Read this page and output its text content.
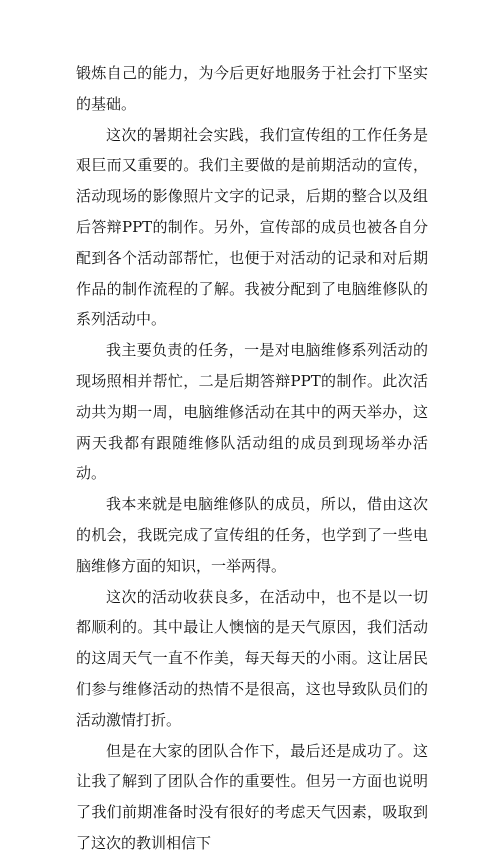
锻炼自己的能力，为今后更好地服务于社会打下坚实的基础。

这次的暑期社会实践，我们宣传组的工作任务是艰巨而又重要的。我们主要做的是前期活动的宣传，活动现场的影像照片文字的记录，后期的整合以及组后答辩PPT的制作。另外，宣传部的成员也被各自分配到各个活动部帮忙，也便于对活动的记录和对后期作品的制作流程的了解。我被分配到了电脑维修队的系列活动中。

我主要负责的任务，一是对电脑维修系列活动的现场照相并帮忙，二是后期答辩PPT的制作。此次活动共为期一周，电脑维修活动在其中的两天举办，这两天我都有跟随维修队活动组的成员到现场举办活动。

我本来就是电脑维修队的成员，所以，借由这次的机会，我既完成了宣传组的任务，也学到了一些电脑维修方面的知识，一举两得。

这次的活动收获良多，在活动中，也不是以一切都顺利的。其中最让人懊恼的是天气原因，我们活动的这周天气一直不作美，每天每天的小雨。这让居民们参与维修活动的热情不是很高，这也导致队员们的活动激情打折。

但是在大家的团队合作下，最后还是成功了。这让我了解到了团队合作的重要性。但另一方面也说明了我们前期准备时没有很好的考虑天气因素，吸取到了这次的教训相信下
